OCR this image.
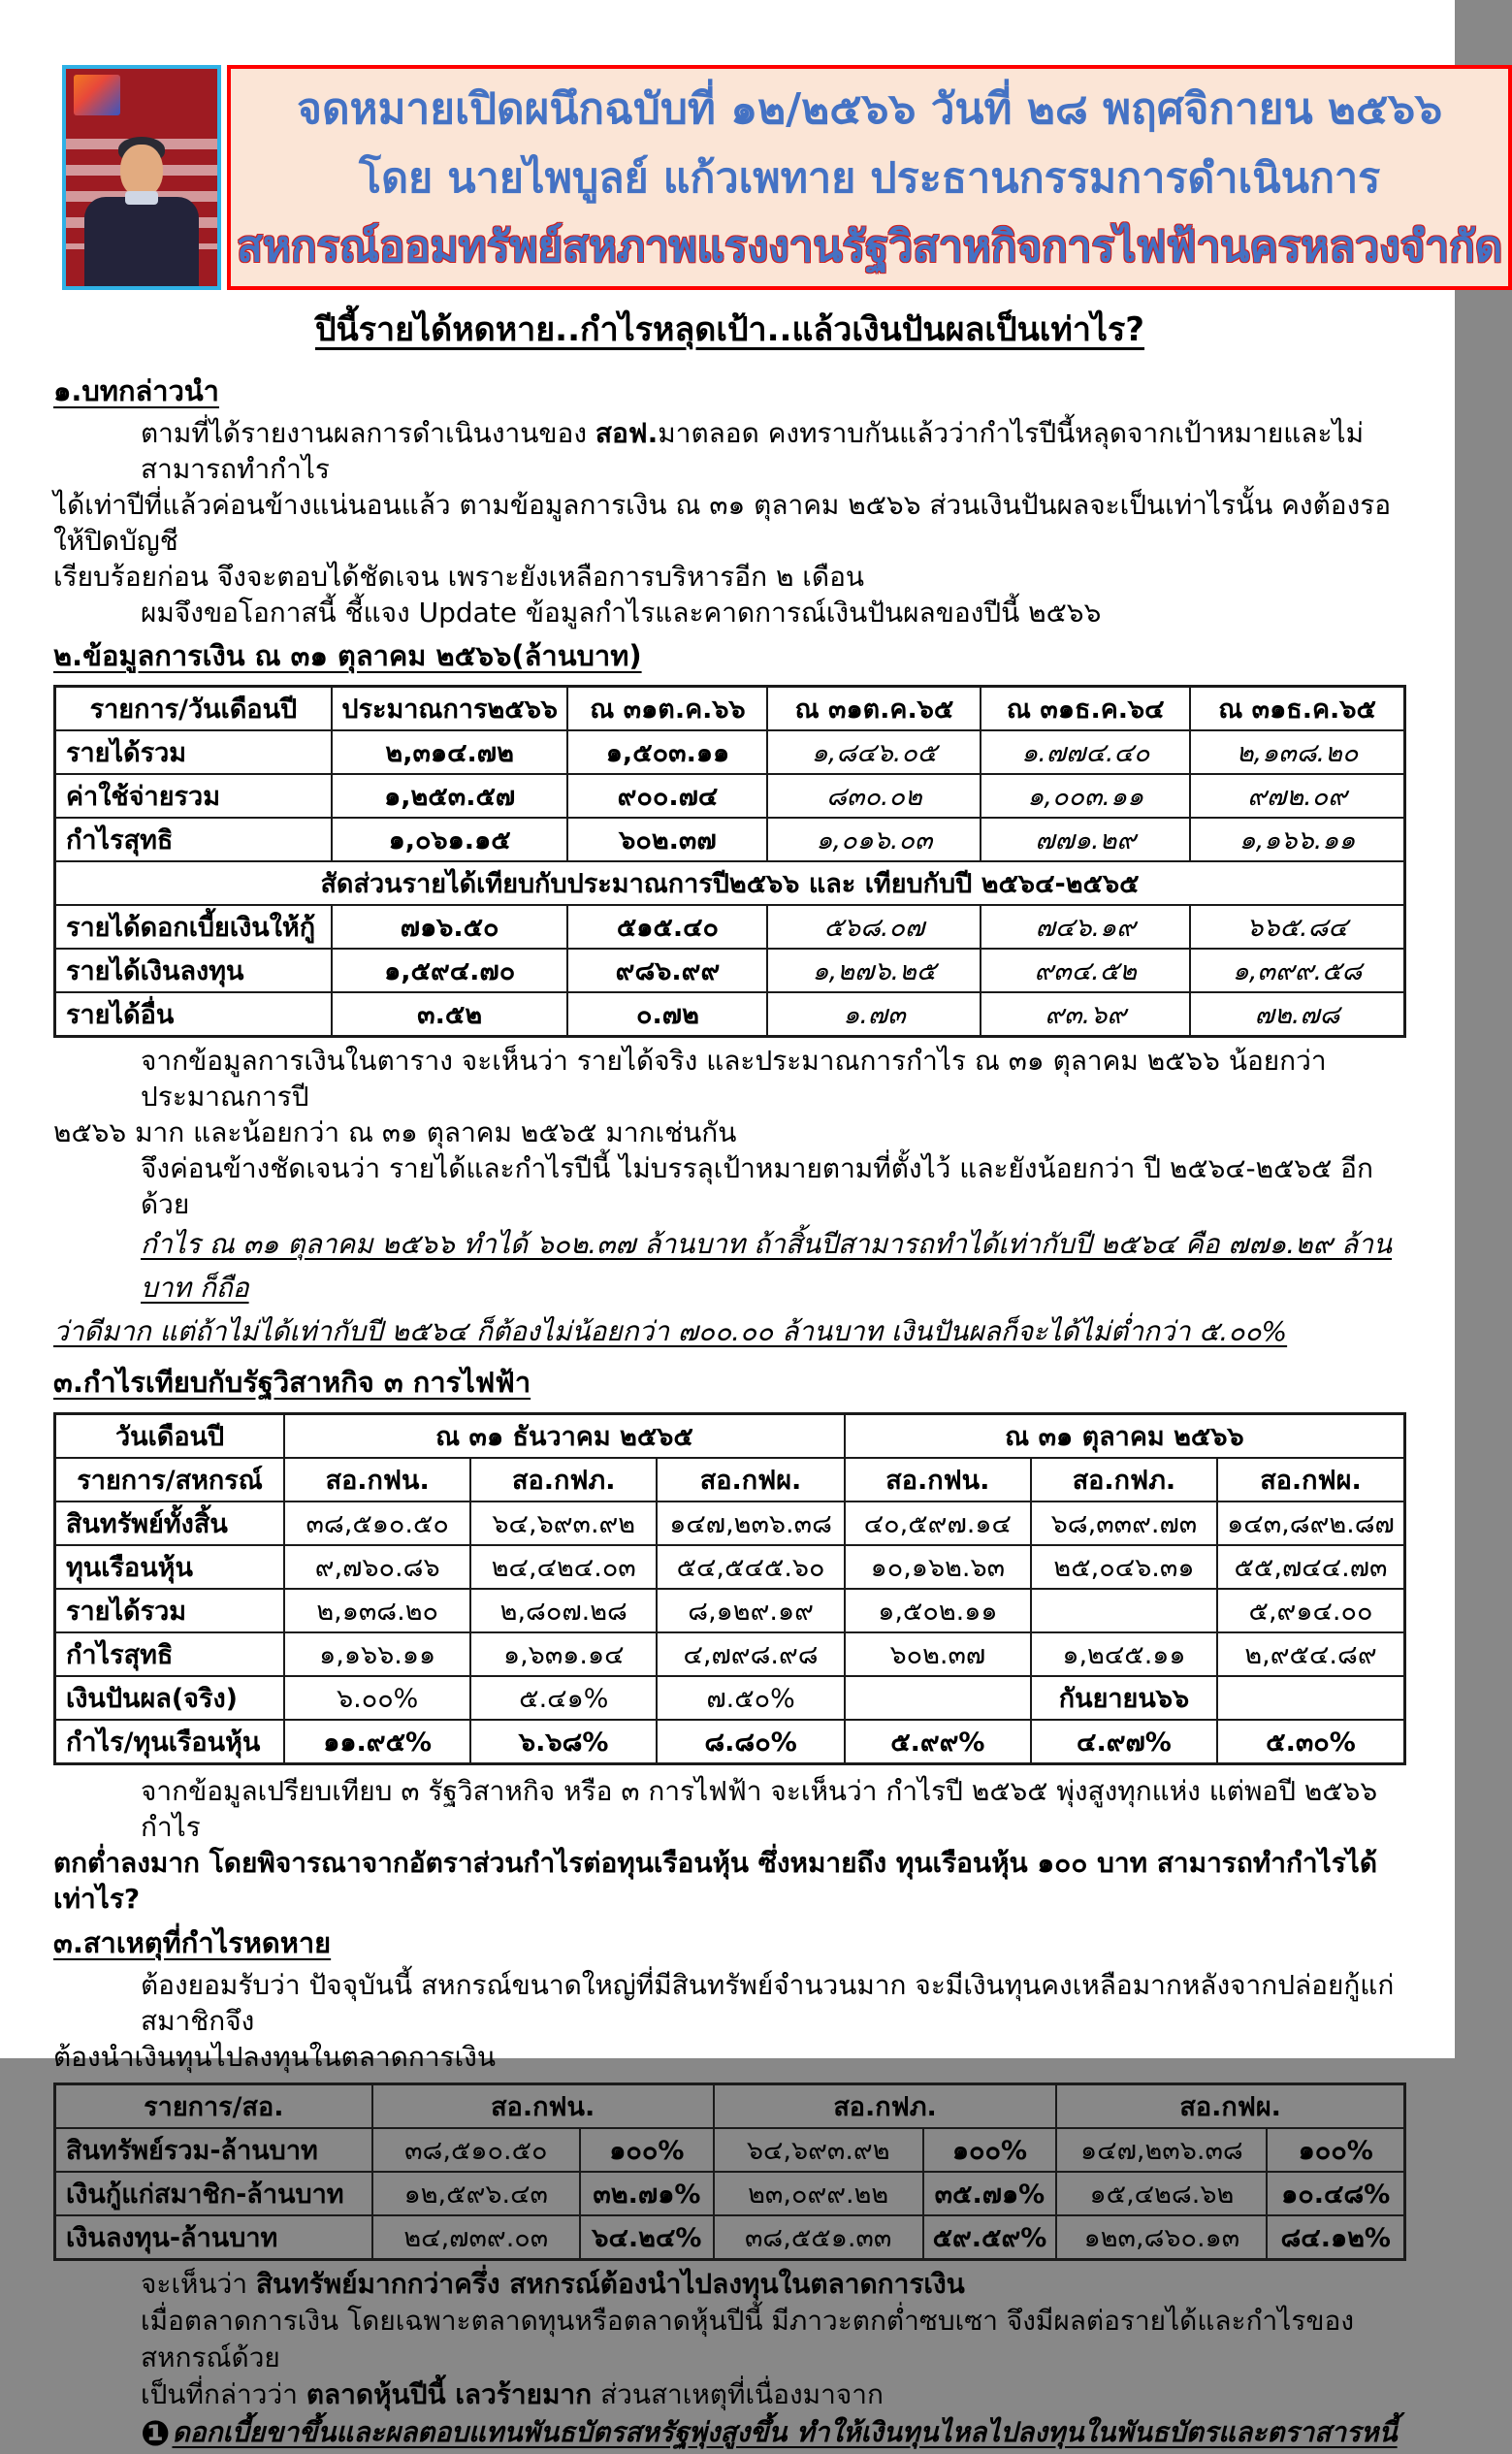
จดหมายเปิดผนึกฉบับที่ ๑๒/๒๕๖๖ วันที่ ๒๘ พฤศจิกายน ๒๕๖๖
โดย นายไพบูลย์ แก้วเพทาย ประธานกรรมการดำเนินการ
สหกรณ์ออมทรัพย์สหภาพแรงงานรัฐวิสาหกิจการไฟฟ้านครหลวงจำกัด
ปีนี้รายได้หดหาย..กำไรหลุดเป้า..แล้วเงินปันผลเป็นเท่าไร?
๑.บทกล่าวนำ
ตามที่ได้รายงานผลการดำเนินงานของ สอฟ.มาตลอด คงทราบกันแล้วว่ากำไรปีนี้หลุดจากเป้าหมายและไม่สามารถทำกำไร
ได้เท่าปีที่แล้วค่อนข้างแน่นอนแล้ว ตามข้อมูลการเงิน ณ ๓๑ ตุลาคม ๒๕๖๖ ส่วนเงินปันผลจะเป็นเท่าไรนั้น คงต้องรอให้ปิดบัญชี
เรียบร้อยก่อน จึงจะตอบได้ชัดเจน เพราะยังเหลือการบริหารอีก ๒ เดือน
ผมจึงขอโอกาสนี้ ชี้แจง Update ข้อมูลกำไรและคาดการณ์เงินปันผลของปีนี้ ๒๕๖๖
๒.ข้อมูลการเงิน ณ ๓๑ ตุลาคม ๒๕๖๖(ล้านบาท)
รายการ/วันเดือนปี	ประมาณการ๒๕๖๖	ณ ๓๑ต.ค.๖๖	ณ ๓๑ต.ค.๖๕	ณ ๓๑ธ.ค.๖๔	ณ ๓๑ธ.ค.๖๕
รายได้รวม	๒,๓๑๔.๗๒	๑,๕๐๓.๑๑	๑,๘๔๖.๐๕	๑.๗๗๔.๔๐	๒,๑๓๘.๒๐
ค่าใช้จ่ายรวม	๑,๒๕๓.๕๗	๙๐๐.๗๔	๘๓๐.๐๒	๑,๐๐๓.๑๑	๙๗๒.๐๙
กำไรสุทธิ	๑,๐๖๑.๑๕	๖๐๒.๓๗	๑,๐๑๖.๐๓	๗๗๑.๒๙	๑,๑๖๖.๑๑
สัดส่วนรายได้เทียบกับประมาณการปี๒๕๖๖ และ เทียบกับปี ๒๕๖๔-๒๕๖๕					
รายได้ดอกเบี้ยเงินให้กู้	๗๑๖.๕๐	๕๑๕.๔๐	๕๖๘.๐๗	๗๔๖.๑๙	๖๖๕.๘๔
รายได้เงินลงทุน	๑,๕๙๔.๗๐	๙๘๖.๙๙	๑,๒๗๖.๒๕	๙๓๔.๕๒	๑,๓๙๙.๕๘
รายได้อื่น	๓.๕๒	๐.๗๒	๑.๗๓	๙๓.๖๙	๗๒.๗๘
จากข้อมูลการเงินในตาราง จะเห็นว่า รายได้จริง และประมาณการกำไร ณ ๓๑ ตุลาคม ๒๕๖๖ น้อยกว่า ประมาณการปี
๒๕๖๖ มาก และน้อยกว่า ณ ๓๑ ตุลาคม ๒๕๖๕ มากเช่นกัน
จึงค่อนข้างชัดเจนว่า รายได้และกำไรปีนี้ ไม่บรรลุเป้าหมายตามที่ตั้งไว้ และยังน้อยกว่า ปี ๒๕๖๔-๒๕๖๕ อีกด้วย
กำไร ณ ๓๑ ตุลาคม ๒๕๖๖ ทำได้ ๖๐๒.๓๗ ล้านบาท ถ้าสิ้นปีสามารถทำได้เท่ากับปี ๒๕๖๔ คือ ๗๗๑.๒๙ ล้านบาท ก็ถือ
ว่าดีมาก แต่ถ้าไม่ได้เท่ากับปี ๒๕๖๔ ก็ต้องไม่น้อยกว่า ๗๐๐.๐๐ ล้านบาท เงินปันผลก็จะได้ไม่ต่ำกว่า ๕.๐๐%
๓.กำไรเทียบกับรัฐวิสาหกิจ ๓ การไฟฟ้า
วันเดือนปี	ณ ๓๑ ธันวาคม ๒๕๖๕			ณ ๓๑ ตุลาคม ๒๕๖๖		
รายการ/สหกรณ์	สอ.กฟน.	สอ.กฟภ.	สอ.กฟผ.	สอ.กฟน.	สอ.กฟภ.	สอ.กฟผ.
สินทรัพย์ทั้งสิ้น	๓๘,๕๑๐.๕๐	๖๔,๖๙๓.๙๒	๑๔๗,๒๓๖.๓๘	๔๐,๕๙๗.๑๔	๖๘,๓๓๙.๗๓	๑๔๓,๘๙๒.๘๗
ทุนเรือนหุ้น	๙,๗๖๐.๘๖	๒๔,๔๒๔.๐๓	๕๔,๕๔๕.๖๐	๑๐,๑๖๒.๖๓	๒๕,๐๔๖.๓๑	๕๕,๗๔๔.๗๓
รายได้รวม	๒,๑๓๘.๒๐	๒,๘๐๗.๒๘	๘,๑๒๙.๑๙	๑,๕๐๒.๑๑		๕,๙๑๔.๐๐
กำไรสุทธิ	๑,๑๖๖.๑๑	๑,๖๓๑.๑๔	๔,๗๙๘.๙๘	๖๐๒.๓๗	๑,๒๔๕.๑๑	๒,๙๕๔.๘๙
เงินปันผล(จริง)	๖.๐๐%	๕.๔๑%	๗.๕๐%		กันยายน๖๖	
กำไร/ทุนเรือนหุ้น	๑๑.๙๕%	๖.๖๘%	๘.๘๐%	๕.๙๙%	๔.๙๗%	๕.๓๐%
จากข้อมูลเปรียบเทียบ ๓ รัฐวิสาหกิจ หรือ ๓ การไฟฟ้า จะเห็นว่า กำไรปี ๒๕๖๕ พุ่งสูงทุกแห่ง แต่พอปี ๒๕๖๖ กำไร
ตกต่ำลงมาก โดยพิจารณาจากอัตราส่วนกำไรต่อทุนเรือนหุ้น ซึ่งหมายถึง ทุนเรือนหุ้น ๑๐๐ บาท สามารถทำกำไรได้เท่าไร?
๓.สาเหตุที่กำไรหดหาย
ต้องยอมรับว่า ปัจจุบันนี้ สหกรณ์ขนาดใหญ่ที่มีสินทรัพย์จำนวนมาก จะมีเงินทุนคงเหลือมากหลังจากปล่อยกู้แก่สมาชิกจึง
ต้องนำเงินทุนไปลงทุนในตลาดการเงิน
รายการ/สอ.	สอ.กฟน.		สอ.กฟภ.		สอ.กฟผ.	
สินทรัพย์รวม-ล้านบาท	๓๘,๕๑๐.๕๐	๑๐๐%	๖๔,๖๙๓.๙๒	๑๐๐%	๑๔๗,๒๓๖.๓๘	๑๐๐%
เงินกู้แก่สมาชิก-ล้านบาท	๑๒,๕๙๖.๔๓	๓๒.๗๑%	๒๓,๐๙๙.๒๒	๓๕.๗๑%	๑๕,๔๒๘.๖๒	๑๐.๔๘%
เงินลงทุน-ล้านบาท	๒๔,๗๓๙.๐๓	๖๔.๒๔%	๓๘,๕๕๑.๓๓	๕๙.๕๙%	๑๒๓,๘๖๐.๑๓	๘๔.๑๒%
จะเห็นว่า สินทรัพย์มากกว่าครึ่ง สหกรณ์ต้องนำไปลงทุนในตลาดการเงิน
เมื่อตลาดการเงิน โดยเฉพาะตลาดทุนหรือตลาดหุ้นปีนี้ มีภาวะตกต่ำซบเซา จึงมีผลต่อรายได้และกำไรของสหกรณ์ด้วย
เป็นที่กล่าวว่า ตลาดหุ้นปีนี้ เลวร้ายมาก ส่วนสาเหตุที่เนื่องมาจาก
❶ดอกเบี้ยขาขึ้นและผลตอบแทนพันธบัตรสหรัฐพุ่งสูงขึ้น ทำให้เงินทุนไหลไปลงทุนในพันธบัตรและตราสารหนี้
